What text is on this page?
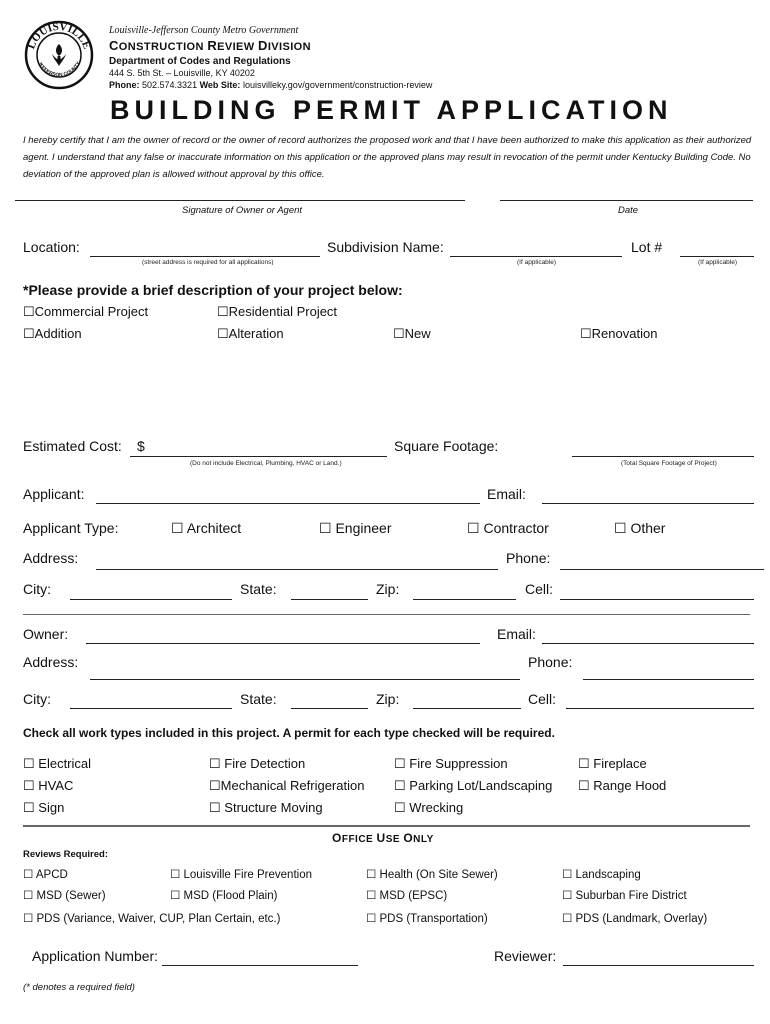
LOUISVILLE
JEFFERSON COUNTY
Louisville-Jefferson County Metro Government
CONSTRUCTION REVIEW DIVISION
Department of Codes and Regulations
444 S. 5th St. – Louisville, KY 40202
Phone: 502.574.3321 Web Site: louisvilleky.gov/government/construction-review
BUILDING PERMIT APPLICATION
I hereby certify that I am the owner of record or the owner of record authorizes the proposed work and that I have been authorized to make this application as their authorized agent. I understand that any false or inaccurate information on this application or the approved plans may result in revocation of the permit under Kentucky Building Code. No deviation of the approved plan is allowed without approval by this office.
Signature of Owner or Agent	Date
Location:
(street address is required for all applications)
Subdivision Name:
(If applicable)
Lot #
(If applicable)
*Please provide a brief description of your project below:
☐Commercial Project	☐Residential Project
☐Addition	☐Alteration	☐New	☐Renovation
Estimated Cost: $
(Do not include Electrical, Plumbing, HVAC or Land.)
Square Footage:
(Total Square Footage of Project)
Applicant:	Email:
Applicant Type:	☐ Architect	☐ Engineer	☐ Contractor	☐ Other
Address:	Phone:
City:	State:	Zip:	Cell:
Owner:	Email:
Address:	Phone:
City:	State:	Zip:	Cell:
Check all work types included in this project. A permit for each type checked will be required.
☐ Electrical	☐ Fire Detection	☐ Fire Suppression	☐ Fireplace
☐ HVAC	☐Mechanical Refrigeration ☐ Parking Lot/Landscaping ☐ Range Hood
☐ Sign	☐ Structure Moving	☐ Wrecking
OFFICE USE ONLY
Reviews Required:
☐ APCD	☐ Louisville Fire Prevention	☐ Health (On Site Sewer)	☐ Landscaping
☐ MSD (Sewer)	☐ MSD (Flood Plain)	☐ MSD (EPSC)	☐ Suburban Fire District
☐ PDS (Variance, Waiver, CUP, Plan Certain, etc.)	☐ PDS (Transportation)	☐ PDS (Landmark, Overlay)
Application Number:	Reviewer:
(* denotes a required field)
